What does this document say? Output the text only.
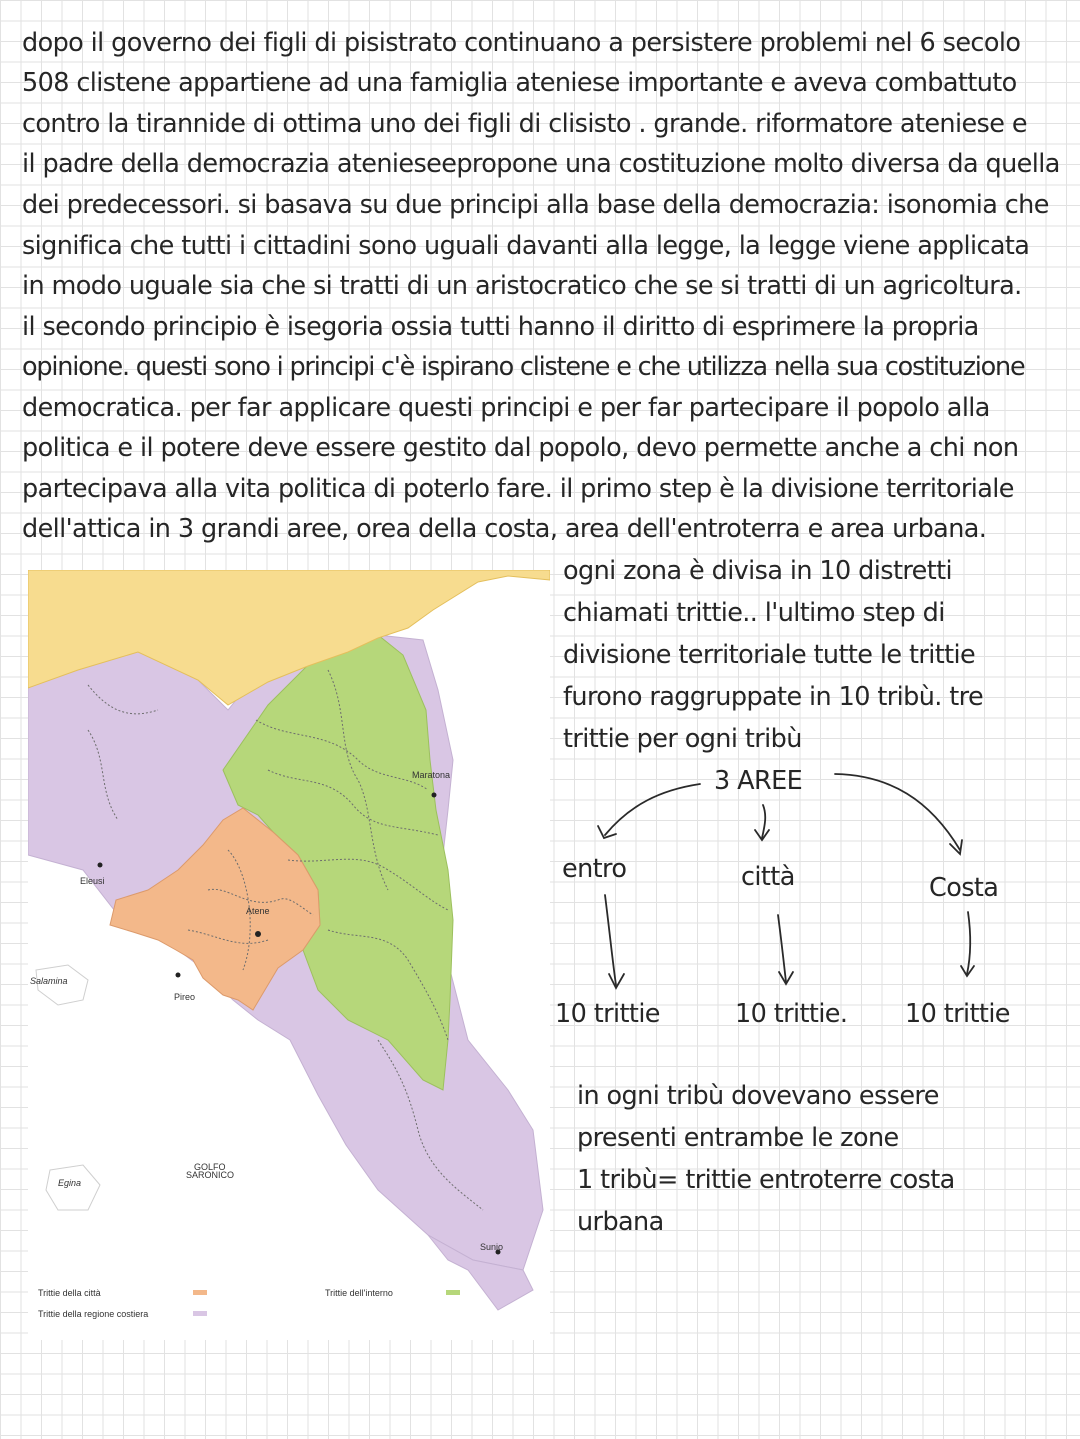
dopo il governo dei figli di pisistrato continuano a persistere problemi nel 6 secolo
508 clistene appartiene ad una famiglia ateniese importante e aveva combattuto
contro la tirannide di ottima uno dei figli di clisisto . grande. riformatore ateniese e
il padre della democrazia atenieseepropone una costituzione molto diversa da quella
dei predecessori. si basava su due principi alla base della democrazia: isonomia che
significa che tutti i cittadini sono uguali davanti alla legge, la legge viene applicata
in modo uguale sia che si tratti di un aristocratico che se si tratti di un agricoltura.
il secondo principio è isegoria ossia tutti hanno il diritto di esprimere la propria
opinione. questi sono i principi c'è ispirano clistene e che utilizza nella sua costituzione
democratica. per far applicare questi principi e per far partecipare il popolo alla
politica e il potere deve essere gestito dal popolo, devo permette anche a chi non
partecipava alla vita politica di poterlo fare. il primo step è la divisione territoriale
dell'attica in 3 grandi aree, orea della costa, area dell'entroterra e area urbana.
Maratona
Eleusi
Atene
Salamina
Pireo
Egina
GOLFO
SARONICO
Sunio
Trittie della città	Trittie dell'interno
Trittie della regione costiera
ogni zona è divisa in 10 distretti
chiamati trittie.. l'ultimo step di
divisione territoriale tutte le trittie
furono raggruppate in 10 tribù. tre
trittie per ogni tribù
3 AREE
entro	città	Costa
10 trittie	10 trittie. 10 trittie
in ogni tribù dovevano essere
presenti entrambe le zone
1 tribù= trittie entroterre costa
urbana
